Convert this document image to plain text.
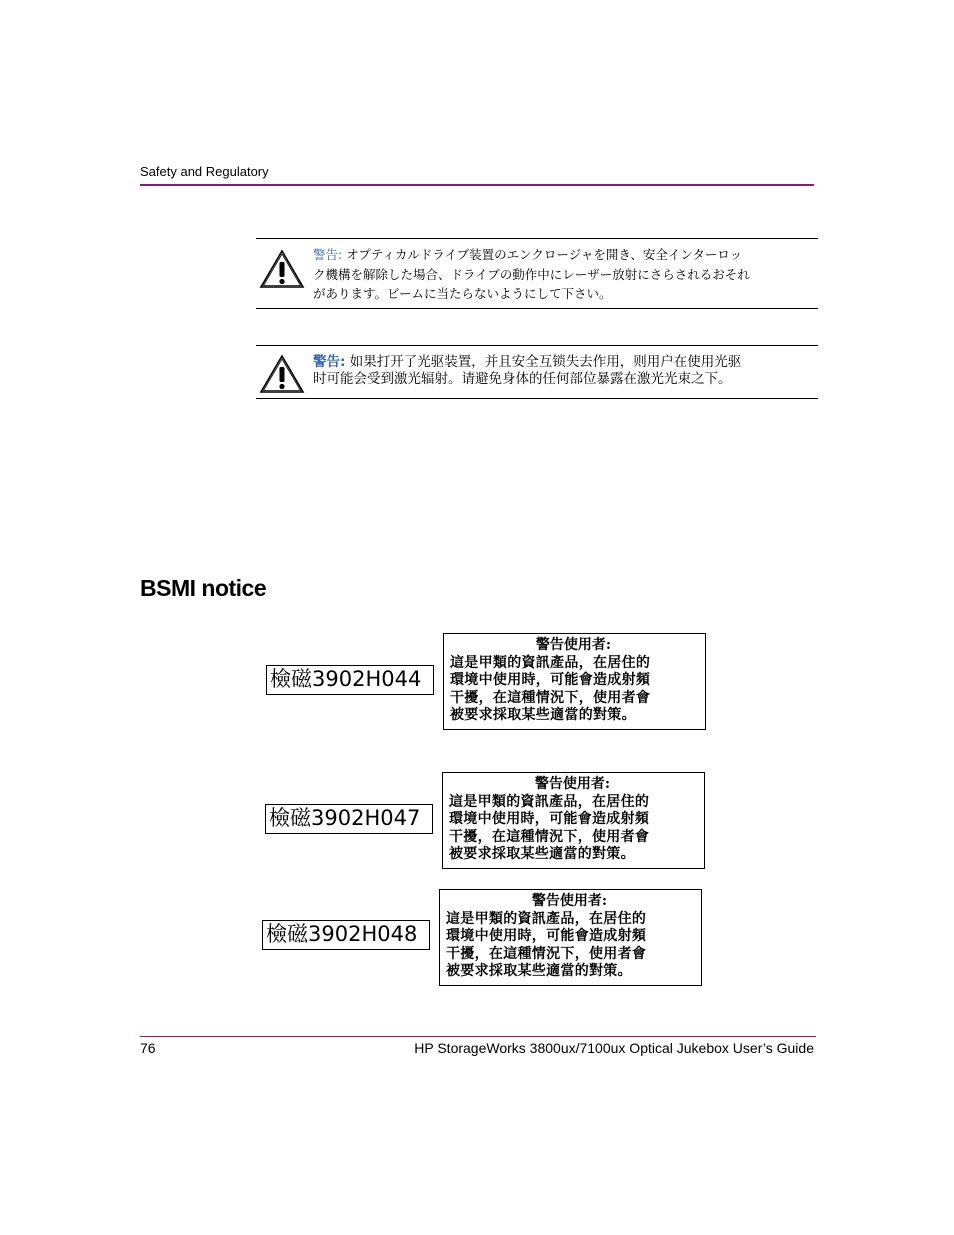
Safety and Regulatory
警告: オプティカルドライブ装置のエンクロージャを開き、安全インターロッ
ク機構を解除した場合、ドライブの動作中にレーザー放射にさらされるおそれ
があります。ビームに当たらないようにして下さい。
警告: 如果打开了光驱装置，并且安全互锁失去作用，则用户在使用光驱
时可能会受到激光辐射。请避免身体的任何部位暴露在激光光束之下。
BSMI notice
檢磁3902H044
警告使用者:
這是甲類的資訊產品，在居住的
環境中使用時，可能會造成射頻
干擾，在這種情況下，使用者會
被要求採取某些適當的對策。
檢磁3902H047
警告使用者:
這是甲類的資訊產品，在居住的
環境中使用時，可能會造成射頻
干擾，在這種情況下，使用者會
被要求採取某些適當的對策。
檢磁3902H048
警告使用者:
這是甲類的資訊產品，在居住的
環境中使用時，可能會造成射頻
干擾，在這種情況下，使用者會
被要求採取某些適當的對策。
76	HP StorageWorks 3800ux/7100ux Optical Jukebox User’s Guide
